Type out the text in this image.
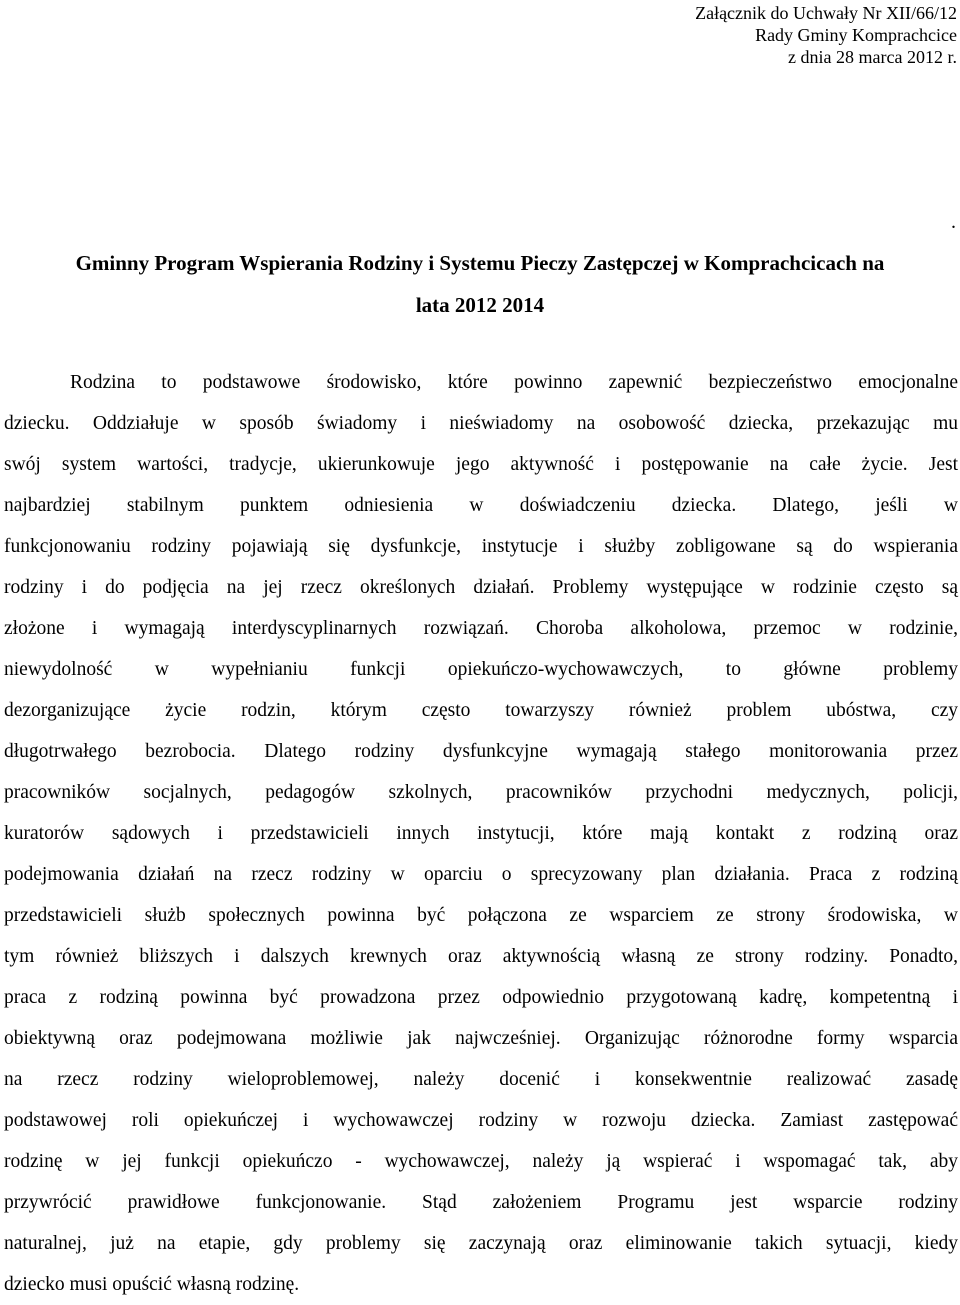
Załącznik do Uchwały Nr XII/66/12
Rady Gminy Komprachcice
z dnia 28 marca 2012 r.
.
Gminny Program Wspierania Rodziny i Systemu Pieczy Zastępczej w Komprachcicach na
lata 2012 2014
Rodzina to podstawowe środowisko, które powinno zapewnić bezpieczeństwo emocjonalne
dziecku. Oddziałuje w sposób świadomy i nieświadomy na osobowość dziecka, przekazując mu
swój system wartości, tradycje, ukierunkowuje jego aktywność i postępowanie na całe życie. Jest
najbardziej stabilnym punktem odniesienia w doświadczeniu dziecka. Dlatego, jeśli w
funkcjonowaniu rodziny pojawiają się dysfunkcje, instytucje i służby zobligowane są do wspierania
rodziny i do podjęcia na jej rzecz określonych działań. Problemy występujące w rodzinie często są
złożone i wymagają interdyscyplinarnych rozwiązań. Choroba alkoholowa, przemoc w rodzinie,
niewydolność w wypełnianiu funkcji opiekuńczo-wychowawczych, to główne problemy
dezorganizujące życie rodzin, którym często towarzyszy również problem ubóstwa, czy
długotrwałego bezrobocia. Dlatego rodziny dysfunkcyjne wymagają stałego monitorowania przez
pracowników socjalnych, pedagogów szkolnych, pracowników przychodni medycznych, policji,
kuratorów sądowych i przedstawicieli innych instytucji, które mają kontakt z rodziną oraz
podejmowania działań na rzecz rodziny w oparciu o sprecyzowany plan działania. Praca z rodziną
przedstawicieli służb społecznych powinna być połączona ze wsparciem ze strony środowiska, w
tym również bliższych i dalszych krewnych oraz aktywnością własną ze strony rodziny. Ponadto,
praca z rodziną powinna być prowadzona przez odpowiednio przygotowaną kadrę, kompetentną i
obiektywną oraz podejmowana możliwie jak najwcześniej. Organizując różnorodne formy wsparcia
na rzecz rodziny wieloproblemowej, należy docenić i konsekwentnie realizować zasadę
podstawowej roli opiekuńczej i wychowawczej rodziny w rozwoju dziecka. Zamiast zastępować
rodzinę w jej funkcji opiekuńczo - wychowawczej, należy ją wspierać i wspomagać tak, aby
przywrócić prawidłowe funkcjonowanie. Stąd założeniem Programu jest wsparcie rodziny
naturalnej, już na etapie, gdy problemy się zaczynają oraz eliminowanie takich sytuacji, kiedy
dziecko musi opuścić własną rodzinę.
